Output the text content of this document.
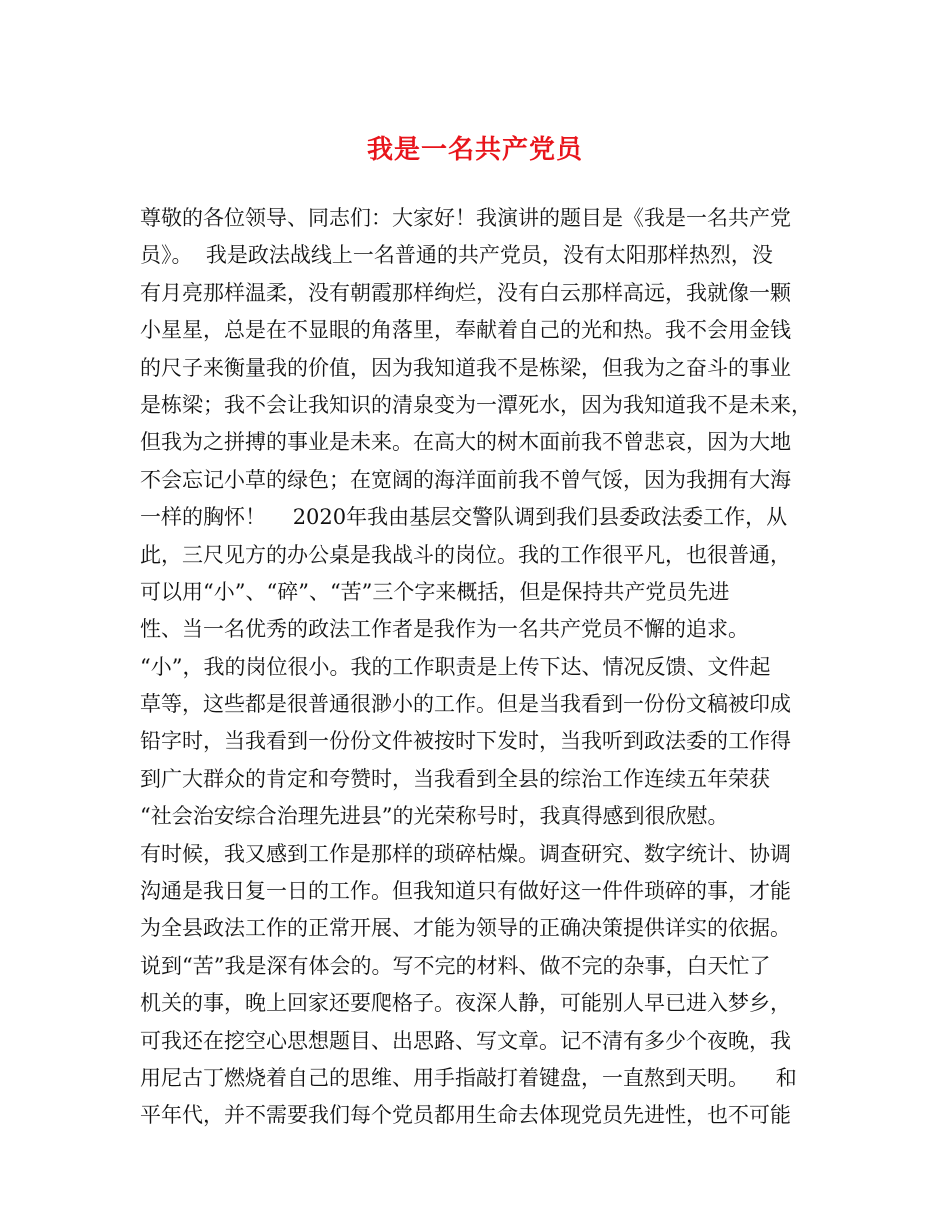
我是一名共产党员
尊敬的各位领导、同志们：大家好！我演讲的题目是《我是一名共产党
员》。  我是政法战线上一名普通的共产党员，没有太阳那样热烈，没
有月亮那样温柔，没有朝霞那样绚烂，没有白云那样高远，我就像一颗
小星星，总是在不显眼的角落里，奉献着自己的光和热。我不会用金钱
的尺子来衡量我的价值，因为我知道我不是栋梁，但我为之奋斗的事业
是栋梁；我不会让我知识的清泉变为一潭死水，因为我知道我不是未来，
但我为之拼搏的事业是未来。在高大的树木面前我不曾悲哀，因为大地
不会忘记小草的绿色；在宽阔的海洋面前我不曾气馁，因为我拥有大海
一样的胸怀！    2020年我由基层交警队调到我们县委政法委工作，从
此，三尺见方的办公桌是我战斗的岗位。我的工作很平凡，也很普通，
可以用“小”、“碎”、“苦”三个字来概括，但是保持共产党员先进
性、当一名优秀的政法工作者是我作为一名共产党员不懈的追求。
“小”，我的岗位很小。我的工作职责是上传下达、情况反馈、文件起
草等，这些都是很普通很渺小的工作。但是当我看到一份份文稿被印成
铅字时，当我看到一份份文件被按时下发时，当我听到政法委的工作得
到广大群众的肯定和夸赞时，当我看到全县的综治工作连续五年荣获
“社会治安综合治理先进县”的光荣称号时，我真得感到很欣慰。
有时候，我又感到工作是那样的琐碎枯燥。调查研究、数字统计、协调
沟通是我日复一日的工作。但我知道只有做好这一件件琐碎的事，才能
为全县政法工作的正常开展、才能为领导的正确决策提供详实的依据。
说到“苦”我是深有体会的。写不完的材料、做不完的杂事，白天忙了
机关的事，晚上回家还要爬格子。夜深人静，可能别人早已进入梦乡，
可我还在挖空心思想题目、出思路、写文章。记不清有多少个夜晚，我
用尼古丁燃烧着自己的思维、用手指敲打着键盘，一直熬到天明。    和
平年代，并不需要我们每个党员都用生命去体现党员先进性，也不可能
